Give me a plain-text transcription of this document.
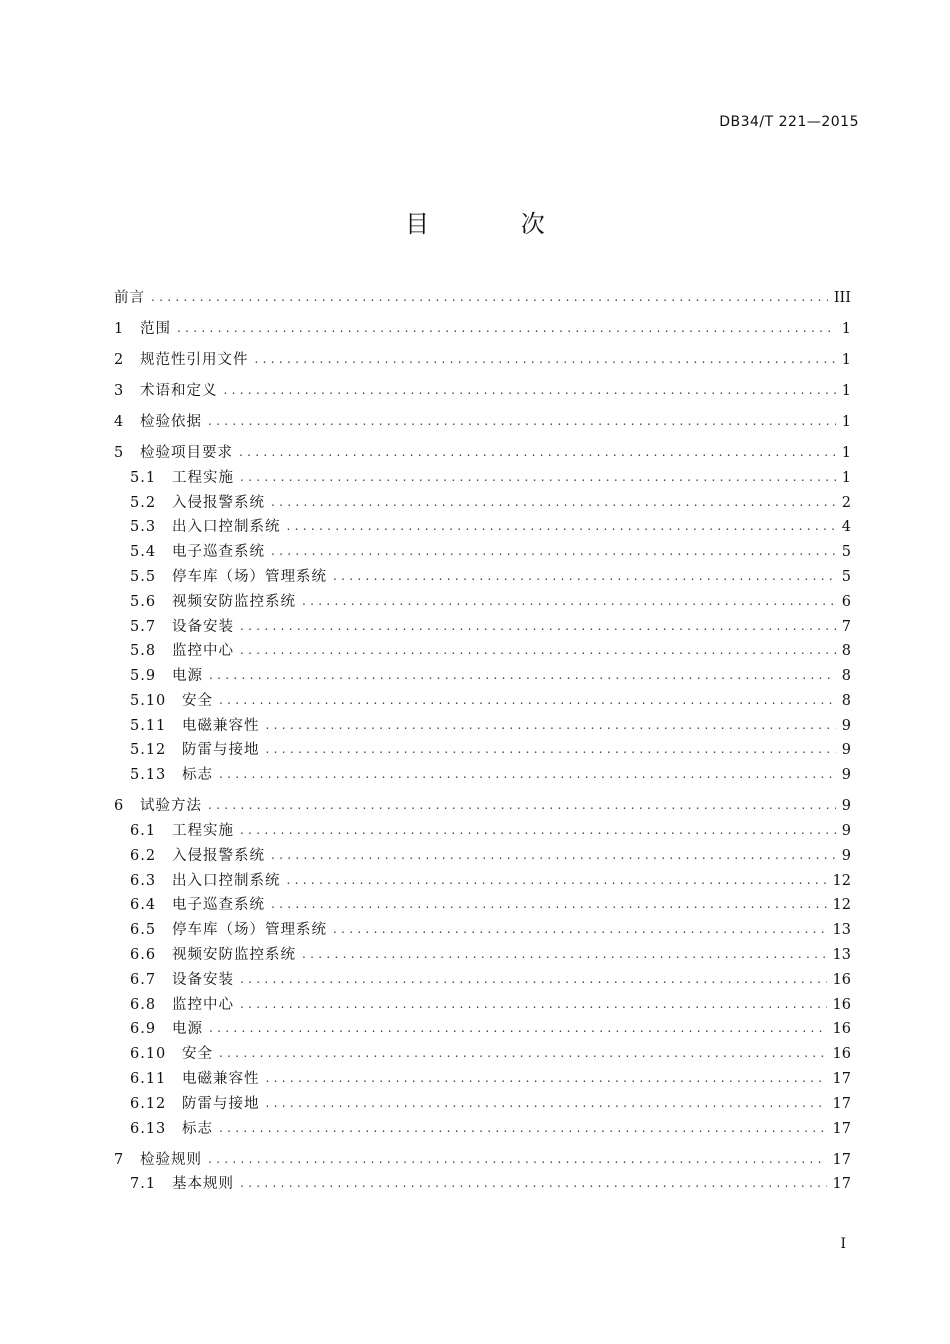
DB34/T 221—2015
目 次
前言 . . .	III
1	范围 . . .	1
2	规范性引用文件 . . .	1
3	术语和定义 . . .	1
4	检验依据 . . .	1
5	检验项目要求 . . .	1
5.1	工程实施 . . .	1
5.2	入侵报警系统 . . .	2
5.3	出入口控制系统 . . .	4
5.4	电子巡查系统 . . .	5
5.5	停车库（场）管理系统 . . .	5
5.6	视频安防监控系统 . . .	6
5.7	设备安装 . . .	7
5.8	监控中心 . . .	8
5.9	电源 . . .	8
5.10	安全 . . .	8
5.11	电磁兼容性 . . .	9
5.12	防雷与接地 . . .	9
5.13	标志 . . .	9
6	试验方法 . . .	9
6.1	工程实施 . . .	9
6.2	入侵报警系统 . . .	9
6.3	出入口控制系统 . . .	12
6.4	电子巡查系统 . . .	12
6.5	停车库（场）管理系统 . . .	13
6.6	视频安防监控系统 . . .	13
6.7	设备安装 . . .	16
6.8	监控中心 . . .	16
6.9	电源 . . .	16
6.10	安全 . . .	16
6.11	电磁兼容性 . . .	17
6.12	防雷与接地 . . .	17
6.13	标志 . . .	17
7	检验规则 . . .	17
7.1	基本规则 . . .	17
I
